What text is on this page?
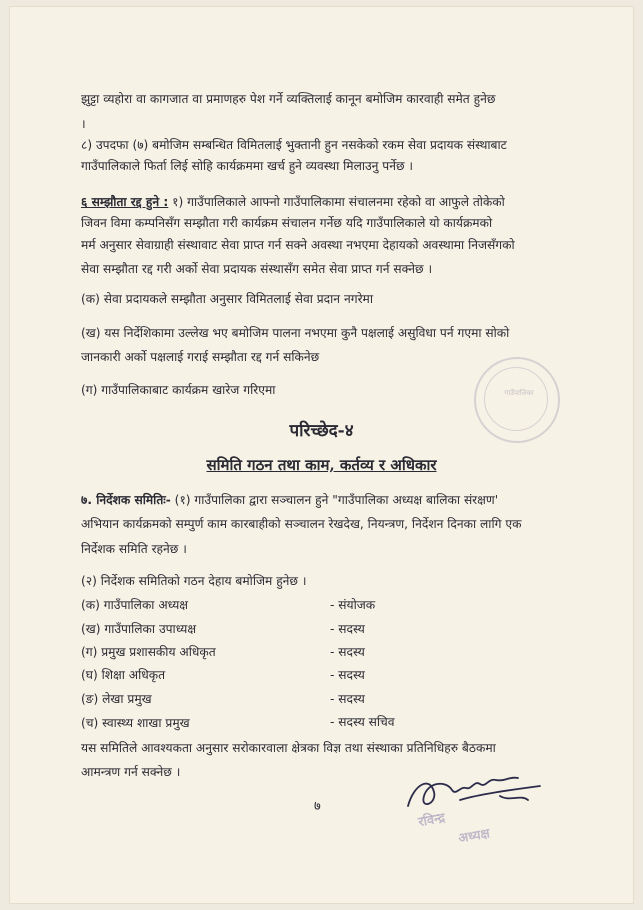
झुट्टा व्यहोरा वा कागजात वा प्रमाणहरु पेश गर्ने व्यक्तिलाई कानून बमोजिम कारवाही समेत हुनेछ
।
८) उपदफा (७) बमोजिम सम्बन्धित विमितलाई भुक्तानी हुन नसकेको रकम सेवा प्रदायक संस्थाबाट
गाउँपालिकाले फिर्ता लिई सोहि कार्यक्रममा खर्च हुने व्यवस्था मिलाउनु पर्नेछ ।
६ सम्झौता रद्द हुने : १) गाउँपालिकाले आफ्नो गाउँपालिकामा संचालनमा रहेको वा आफुले तोकेको
जिवन विमा कम्पनिसँग सम्झौता गरी कार्यक्रम संचालन गर्नेछ यदि गाउँपालिकाले यो कार्यक्रमको
मर्म अनुसार सेवाग्राही संस्थावाट सेवा प्राप्त गर्न सक्ने अवस्था नभएमा देहायको अवस्थामा निजसँगको
सेवा सम्झौता रद्द गरी अर्को सेवा प्रदायक संस्थासँग समेत सेवा प्राप्त गर्न सक्नेछ ।
(क) सेवा प्रदायकले सम्झौता अनुसार विमितलाई सेवा प्रदान नगरेमा
(ख) यस निर्देशिकामा उल्लेख भए बमोजिम पालना नभएमा कुनै पक्षलाई असुविधा पर्न गएमा सोको
जानकारी अर्को पक्षलाई गराई सम्झौता रद्द गर्न सकिनेछ
(ग) गाउँपालिकाबाट कार्यक्रम खारेज गरिएमा	गाउँपालिका
परिच्छेद-४
समिति गठन तथा काम, कर्तव्य र अधिकार
७. निर्देशक समितिः- (१) गाउँपालिका द्वारा सञ्चालन हुने "गाउँपालिका अध्यक्ष बालिका संरक्षण'
अभियान कार्यक्रमको सम्पुर्ण काम कारबाहीको सञ्चालन रेखदेख, नियन्त्रण, निर्देशन दिनका लागि एक
निर्देशक समिति रहनेछ ।
(२) निर्देशक समितिको गठन देहाय बमोजिम हुनेछ ।
(क) गाउँपालिका अध्यक्ष	- संयोजक
(ख) गाउँपालिका उपाध्यक्ष	- सदस्य
(ग) प्रमुख प्रशासकीय अधिकृत	- सदस्य
(घ) शिक्षा अधिकृत	- सदस्य
(ङ) लेखा प्रमुख	- सदस्य
(च) स्वास्थ्य शाखा प्रमुख	- सदस्य सचिव
यस समितिले आवश्यकता अनुसार सरोकारवाला क्षेत्रका विज्ञ तथा संस्थाका प्रतिनिधिहरु बैठकमा
आमन्त्रण गर्न सक्नेछ ।
७
रविन्द्र
अध्यक्ष
